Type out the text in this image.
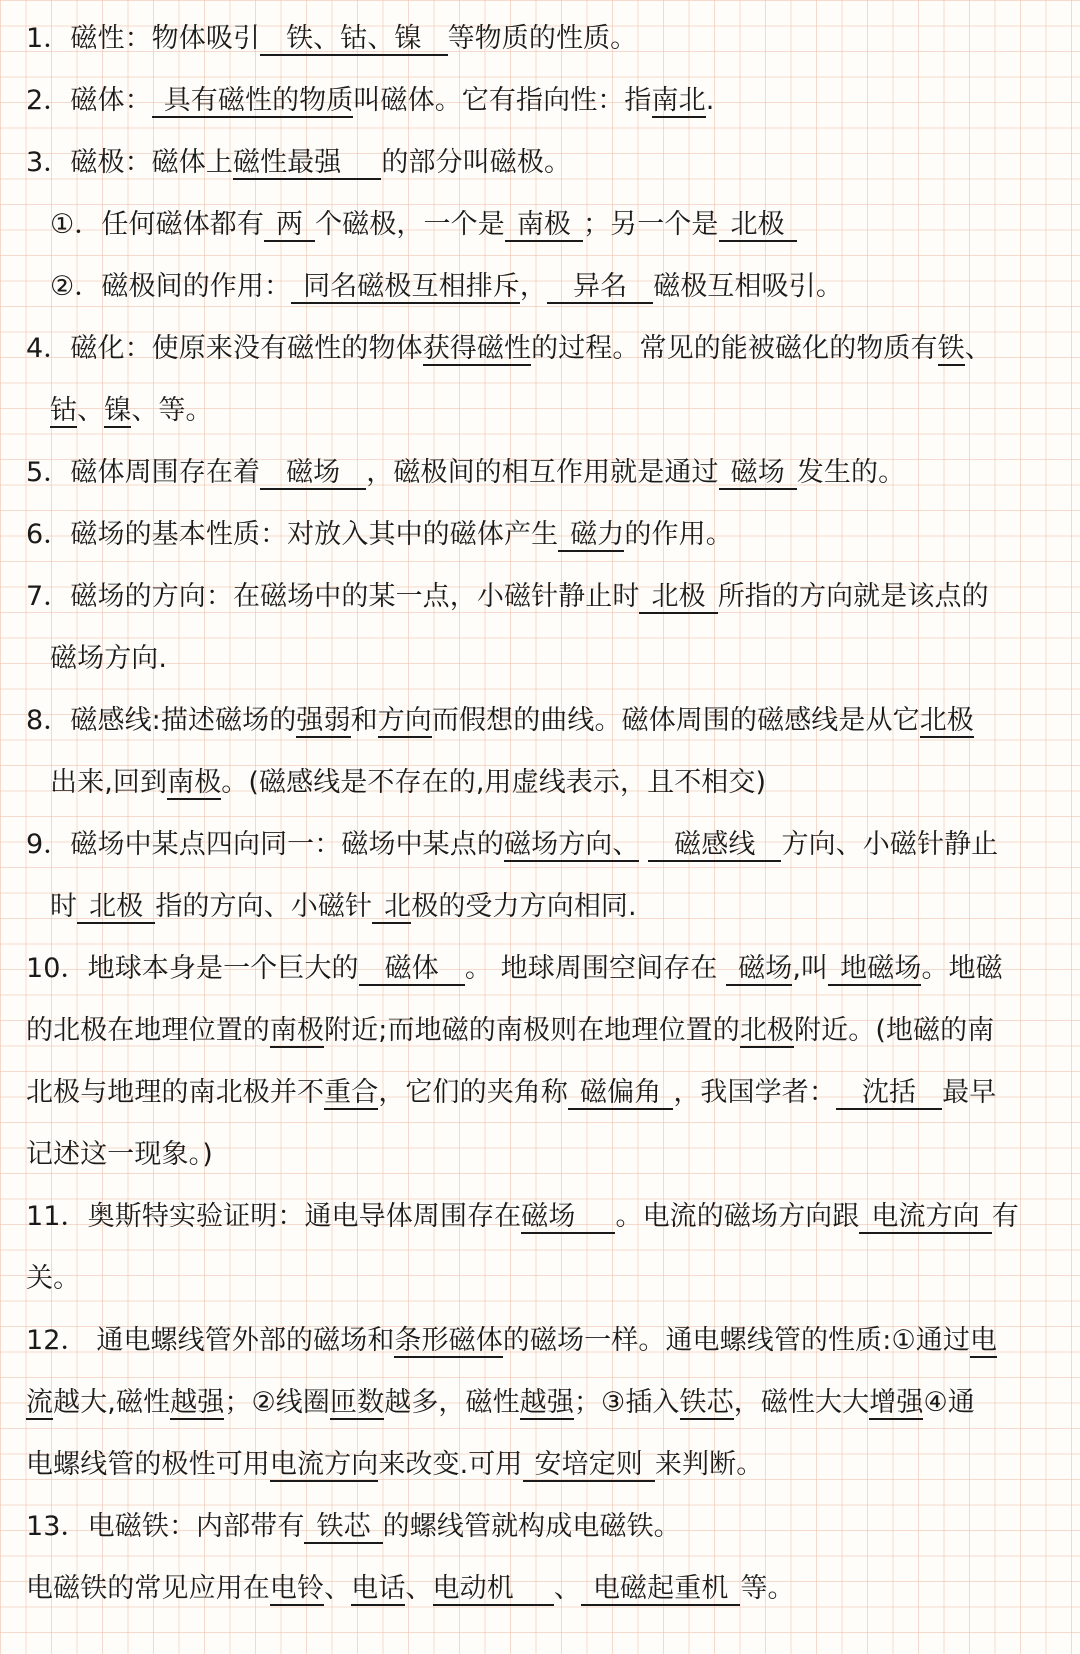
1．磁性：物体吸引 铁、钴、镍 等物质的性质。
2．磁体： 具有磁性的物质叫磁体。它有指向性：指南北.
3．磁极：磁体上磁性最强 的部分叫磁极。
①．任何磁体都有 两 个磁极，一个是 南极 ；另一个是 北极
②．磁极间的作用： 同名磁极互相排斥， 异名 磁极互相吸引。
4．磁化：使原来没有磁性的物体获得磁性的过程。常见的能被磁化的物质有铁、
钴、镍、等。
5．磁体周围存在着 磁场 ，磁极间的相互作用就是通过 磁场 发生的。
6．磁场的基本性质：对放入其中的磁体产生 磁力的作用。
7．磁场的方向：在磁场中的某一点，小磁针静止时 北极 所指的方向就是该点的
磁场方向.
8．磁感线:描述磁场的强弱和方向而假想的曲线。磁体周围的磁感线是从它北极
出来,回到南极。(磁感线是不存在的,用虚线表示，且不相交)
9．磁场中某点四向同一：磁场中某点的磁场方向、 磁感线 方向、小磁针静止
时 北极 指的方向、小磁针 北极的受力方向相同.
10．地球本身是一个巨大的 磁体 。 地球周围空间存在 磁场,叫 地磁场。地磁
的北极在地理位置的南极附近;而地磁的南极则在地理位置的北极附近。(地磁的南
北极与地理的南北极并不重合，它们的夹角称 磁偏角 ，我国学者： 沈括 最早
记述这一现象。)
11．奥斯特实验证明：通电导体周围存在磁场 。电流的磁场方向跟 电流方向 有
关。
12． 通电螺线管外部的磁场和条形磁体的磁场一样。通电螺线管的性质:①通过电
流越大,磁性越强；②线圈匝数越多，磁性越强；③插入铁芯，磁性大大增强④通
电螺线管的极性可用电流方向来改变.可用 安培定则 来判断。
13．电磁铁：内部带有 铁芯 的螺线管就构成电磁铁。
电磁铁的常见应用在电铃、电话、电动机 、 电磁起重机 等。
